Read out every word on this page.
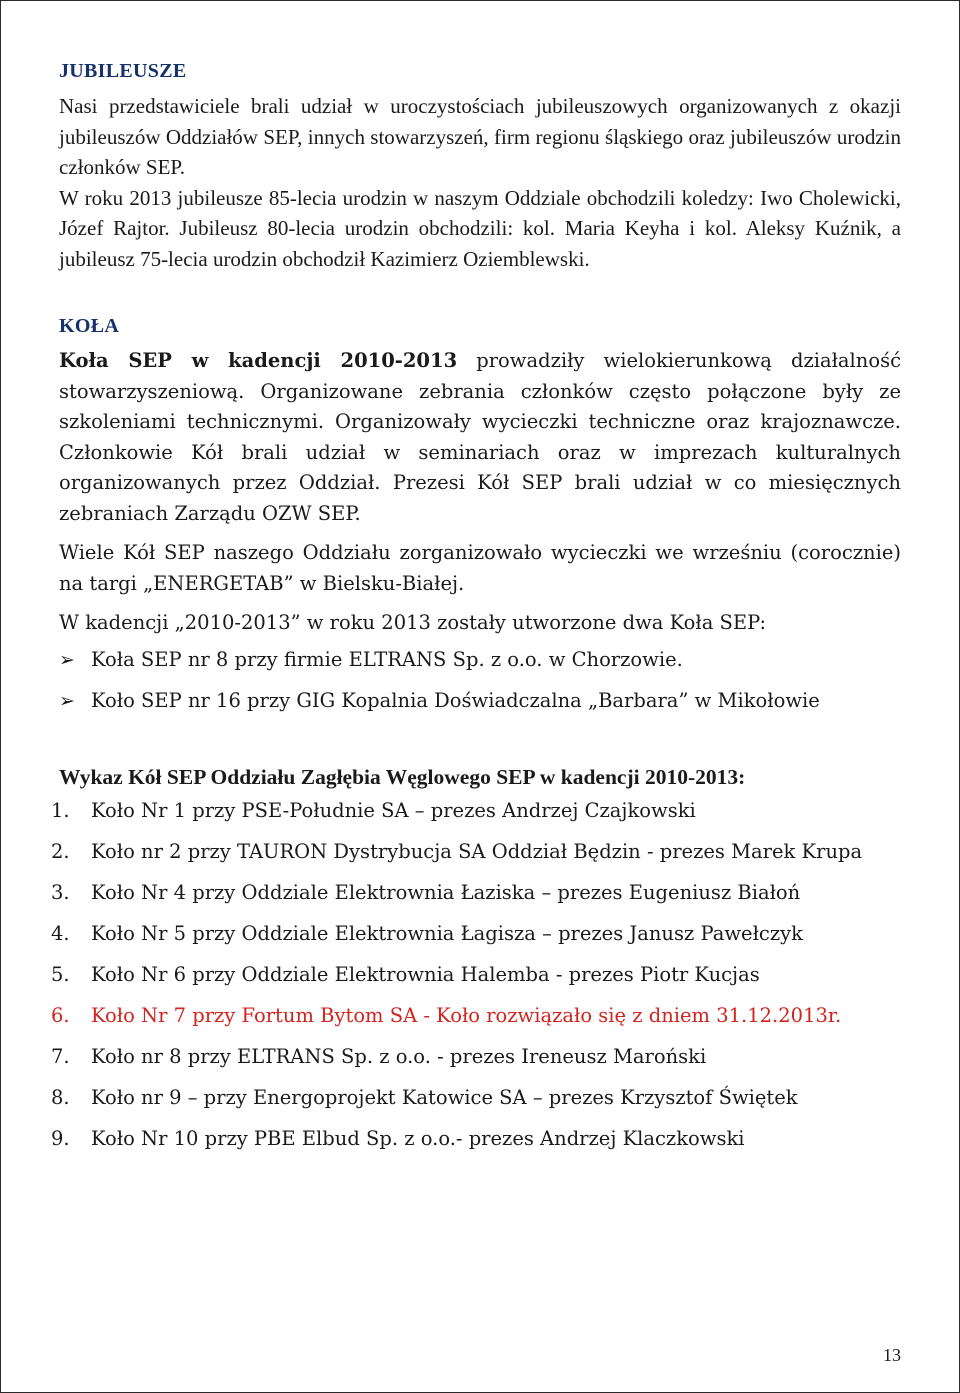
JUBILEUSZE

Nasi przedstawiciele brali udział w uroczystościach jubileuszowych organizowanych z okazji jubileuszów Oddziałów SEP, innych stowarzyszeń, firm regionu śląskiego oraz jubileuszów urodzin członków SEP.

W roku 2013 jubileusze 85-lecia urodzin w naszym Oddziale obchodzili koledzy: Iwo Cholewicki, Józef Rajtor. Jubileusz 80-lecia urodzin obchodzili: kol. Maria Keyha i kol. Aleksy Kuźnik, a jubileusz 75-lecia urodzin obchodził Kazimierz Oziemblewski.

KOŁA

Koła SEP w kadencji 2010-2013 prowadziły wielokierunkową działalność stowarzyszeniową. Organizowane zebrania członków często połączone były ze szkoleniami technicznymi. Organizowały wycieczki techniczne oraz krajoznawcze. Członkowie Kół brali udział w seminariach oraz w imprezach kulturalnych organizowanych przez Oddział. Prezesi Kół SEP brali udział w co miesięcznych zebraniach Zarządu OZW SEP.

Wiele Kół SEP naszego Oddziału zorganizowało wycieczki we wrześniu (corocznie) na targi „ENERGETAB” w Bielsku-Białej.

W kadencji „2010-2013” w roku 2013 zostały utworzone dwa Koła SEP:

➢ Koła SEP nr 8 przy firmie ELTRANS Sp. z o.o. w Chorzowie.
➢ Koło SEP nr 16 przy GIG Kopalnia Doświadczalna „Barbara” w Mikołowie
Wykaz Kół SEP Oddziału Zagłębia Węglowego SEP w kadencji 2010-2013:
1. Koło Nr 1 przy PSE-Południe SA – prezes Andrzej Czajkowski
2. Koło nr 2 przy TAURON Dystrybucja SA Oddział Będzin - prezes Marek Krupa
3. Koło Nr 4 przy Oddziale Elektrownia Łaziska – prezes Eugeniusz Białoń
4. Koło Nr 5 przy Oddziale Elektrownia Łagisza – prezes Janusz Pawełczyk
5. Koło Nr 6 przy Oddziale Elektrownia Halemba - prezes Piotr Kucjas
6. Koło Nr 7 przy Fortum Bytom SA - Koło rozwiązało się z dniem 31.12.2013r.
7. Koło nr 8 przy ELTRANS Sp. z o.o. - prezes Ireneusz Maroński
8. Koło nr 9 – przy Energoprojekt Katowice SA – prezes Krzysztof Świętek
9. Koło Nr 10 przy PBE Elbud Sp. z o.o.- prezes Andrzej Klaczkowski
13
